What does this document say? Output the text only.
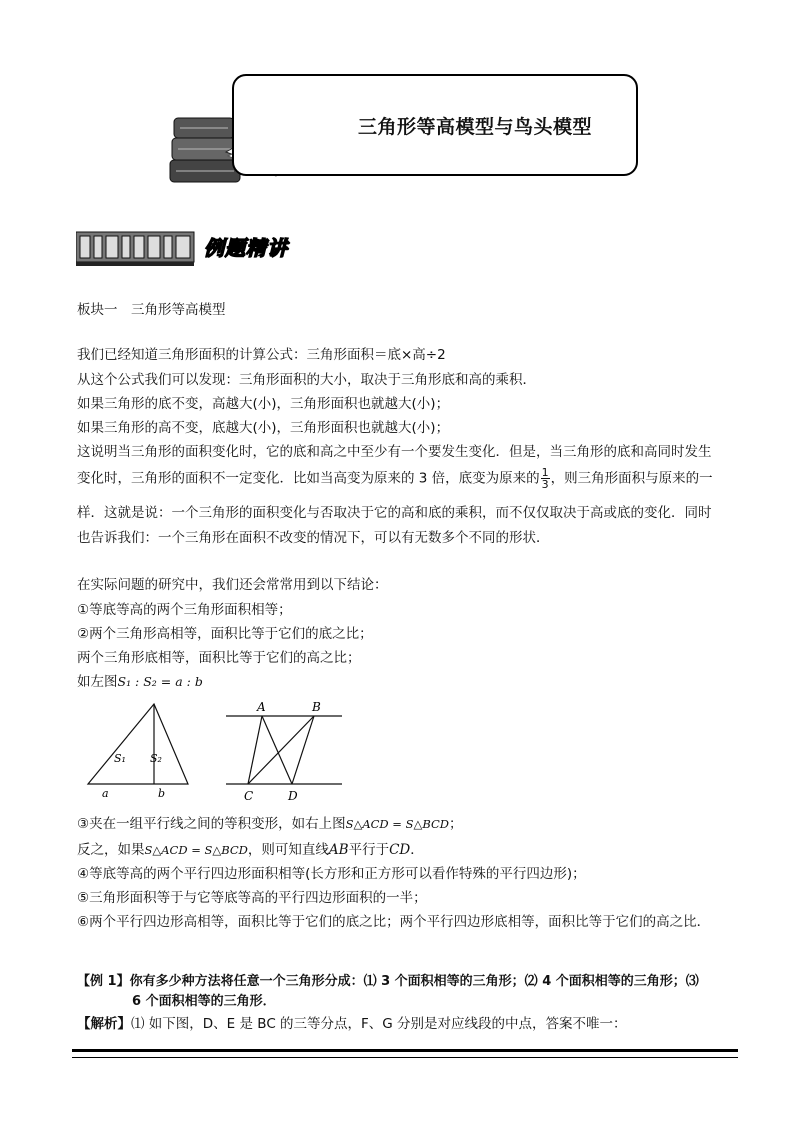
三角形等高模型与鸟头模型
例题精讲
板块一　三角形等高模型
我们已经知道三角形面积的计算公式：三角形面积＝底×高÷2
从这个公式我们可以发现：三角形面积的大小，取决于三角形底和高的乘积．
如果三角形的底不变，高越大(小)，三角形面积也就越大(小)；
如果三角形的高不变，底越大(小)，三角形面积也就越大(小)；
这说明当三角形的面积变化时，它的底和高之中至少有一个要发生变化．但是，当三角形的底和高同时发生
变化时，三角形的面积不一定变化．比如当高变为原来的 3 倍，底变为原来的 $\frac{1}{3}$ ，则三角形面积与原来的一
样．这就是说：一个三角形的面积变化与否取决于它的高和底的乘积，而不仅仅取决于高或底的变化．同时
也告诉我们：一个三角形在面积不改变的情况下，可以有无数多个不同的形状．
在实际问题的研究中，我们还会常常用到以下结论：
①等底等高的两个三角形面积相等；
②两个三角形高相等，面积比等于它们的底之比；
两个三角形底相等，面积比等于它们的高之比；
如左图S₁ : S₂ = a : b
S₁ S₂
a	b
A	B
C	D
③夹在一组平行线之间的等积变形，如右上图S△ACD = S△BCD；
反之，如果S△ACD = S△BCD，则可知直线AB平行于CD．
④等底等高的两个平行四边形面积相等(长方形和正方形可以看作特殊的平行四边形)；
⑤三角形面积等于与它等底等高的平行四边形面积的一半；
⑥两个平行四边形高相等，面积比等于它们的底之比；两个平行四边形底相等，面积比等于它们的高之比．
【例 1】你有多少种方法将任意一个三角形分成：⑴ 3 个面积相等的三角形；⑵ 4 个面积相等的三角形；⑶
6 个面积相等的三角形．
【解析】⑴ 如下图，D、E 是 BC 的三等分点，F、G 分别是对应线段的中点，答案不唯一：
